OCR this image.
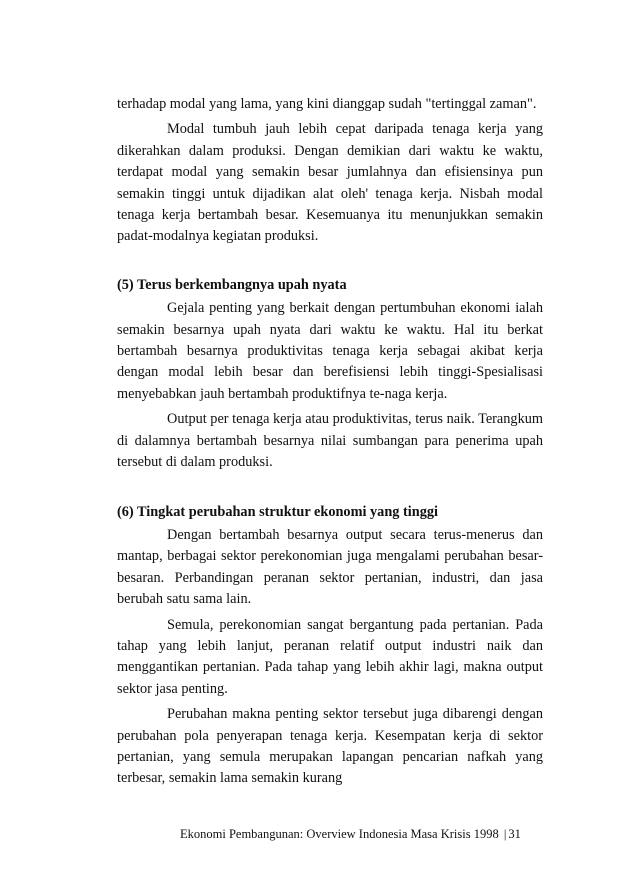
terhadap modal yang lama, yang kini dianggap sudah "tertinggal zaman".

Modal tumbuh jauh lebih cepat daripada tenaga kerja yang dikerahkan dalam produksi. Dengan demikian dari waktu ke waktu, terdapat modal yang semakin besar jumlahnya dan efisiensinya pun semakin tinggi untuk dijadikan alat oleh' tenaga kerja. Nisbah modal tenaga kerja bertambah besar. Kesemuanya itu menunjukkan semakin padat-modalnya kegiatan produksi.

(5) Terus berkembangnya upah nyata

Gejala penting yang berkait dengan pertumbuhan ekonomi ialah semakin besarnya upah nyata dari waktu ke waktu. Hal itu berkat bertambah besarnya produktivitas tenaga kerja sebagai akibat kerja dengan modal lebih besar dan berefisiensi lebih tinggi-Spesialisasi menyebabkan jauh bertambah produktifnya te-naga kerja.

Output per tenaga kerja atau produktivitas, terus naik. Terangkum di dalamnya bertambah besarnya nilai sumbangan para penerima upah tersebut di dalam produksi.

(6) Tingkat perubahan struktur ekonomi yang tinggi

Dengan bertambah besarnya output secara terus-menerus dan mantap, berbagai sektor perekonomian juga mengalami perubahan besar-besaran. Perbandingan peranan sektor pertanian, industri, dan jasa berubah satu sama lain.

Semula, perekonomian sangat bergantung pada pertanian. Pada tahap yang lebih lanjut, peranan relatif output industri naik dan menggantikan pertanian. Pada tahap yang lebih akhir lagi, makna output sektor jasa penting.

Perubahan makna penting sektor tersebut juga dibarengi dengan perubahan pola penyerapan tenaga kerja. Kesempatan kerja di sektor pertanian, yang semula merupakan lapangan pencarian nafkah yang terbesar, semakin lama semakin kurang

Ekonomi Pembangunan: Overview Indonesia Masa Krisis 1998 | 31
